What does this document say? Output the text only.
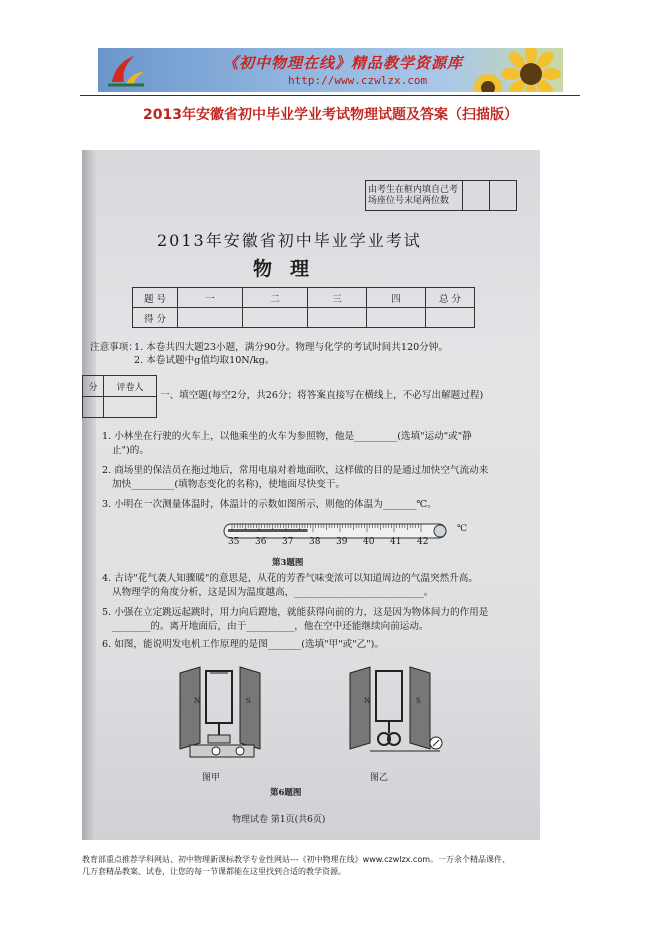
《初中物理在线》精品教学资源库
http://www.czwlzx.com
2013年安徽省初中毕业学业考试物理试题及答案（扫描版）
由考生在框内填自己考场座位号末尾两位数		
2013年安徽省初中毕业学业考试
物理
题 号	一	二	三	四	总 分
得 分					
注意事项：
1. 本卷共四大题23小题，满分90分。物理与化学的考试时间共120分钟。
2. 本卷试题中g值均取10N/kg。
分	评卷人

一、填空题(每空2分，共26分；将答案直接写在横线上，不必写出解题过程)
1. 小林坐在行驶的火车上，以他乘坐的火车为参照物，他是_________(选填"运动"或"静
止")的。
2. 商场里的保洁员在拖过地后，常用电扇对着地面吹，这样做的目的是通过加快空气流动来
加快_________(填物态变化的名称)，使地面尽快变干。
3. 小明在一次测量体温时，体温计的示数如图所示，则他的体温为_______℃。
35 36 37 38 39 40 41 42
℃
第3题图
4. 古诗"花气袭人知骤暖"的意思是，从花的芳香气味变浓可以知道周边的气温突然升高。
从物理学的角度分析，这是因为温度越高，___________________________。
5. 小强在立定跳远起跳时，用力向后蹬地，就能获得向前的力，这是因为物体间力的作用是
________的。离开地面后，由于__________，他在空中还能继续向前运动。
6. 如图，能说明发电机工作原理的是图_______(选填"甲"或"乙")。
N	S
图甲
N	S
图乙
第6题图
物理试卷 第1页(共6页)
教育部重点推荐学科网站、初中物理新课标教学专业性网站---《初中物理在线》www.czwlzx.com。一万余个精品课件、
几万套精品教案、试卷，让您的每一节课都能在这里找到合适的教学资源。
